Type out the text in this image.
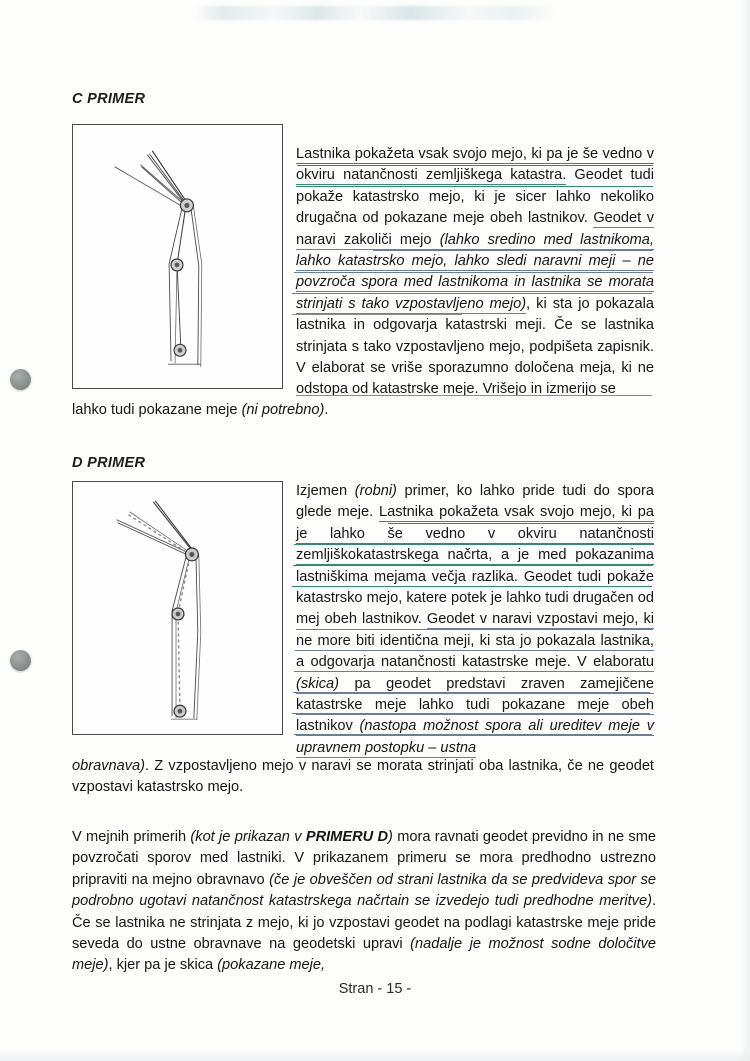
C PRIMER
Lastnika pokažeta vsak svojo mejo, ki pa je še vedno v okviru natančnosti zemljiškega katastra. Geodet tudi pokaže katastrsko mejo, ki je sicer lahko nekoliko drugačna od pokazane meje obeh lastnikov. Geodet v naravi zakoliči mejo (lahko sredino med lastnikoma, lahko katastrsko mejo, lahko sledi naravni meji – ne povzroča spora med lastnikoma in lastnika se morata strinjati s tako vzpostavljeno mejo), ki sta jo pokazala lastnika in odgovarja katastrski meji. Če se lastnika strinjata s tako vzpostavljeno mejo, podpišeta zapisnik. V elaborat se vriše sporazumno določena meja, ki ne odstopa od katastrske meje. Vrišejo in izmerijo se
lahko tudi pokazane meje (ni potrebno).
D PRIMER
Izjemen (robni) primer, ko lahko pride tudi do spora glede meje. Lastnika pokažeta vsak svojo mejo, ki pa je lahko še vedno v okviru natančnosti zemljiškokatastrskega načrta, a je med pokazanima lastniškima mejama večja razlika. Geodet tudi pokaže katastrsko mejo, katere potek je lahko tudi drugačen od mej obeh lastnikov. Geodet v naravi vzpostavi mejo, ki ne more biti identična meji, ki sta jo pokazala lastnika, a odgovarja natančnosti katastrske meje. V elaboratu (skica) pa geodet predstavi zraven zamejičene katastrske meje lahko tudi pokazane meje obeh lastnikov (nastopa možnost spora ali ureditev meje v upravnem postopku – ustna
obravnava). Z vzpostavljeno mejo v naravi se morata strinjati oba lastnika, če ne geodet vzpostavi katastrsko mejo.
V mejnih primerih (kot je prikazan v PRIMERU D) mora ravnati geodet previdno in ne sme povzročati sporov med lastniki. V prikazanem primeru se mora predhodno ustrezno pripraviti na mejno obravnavo (če je obveščen od strani lastnika da se predvideva spor se podrobno ugotavi natančnost katastrskega načrtain se izvedejo tudi predhodne meritve). Če se lastnika ne strinjata z mejo, ki jo vzpostavi geodet na podlagi katastrske meje pride seveda do ustne obravnave na geodetski upravi (nadalje je možnost sodne določitve meje), kjer pa je skica (pokazane meje,
Stran - 15 -
